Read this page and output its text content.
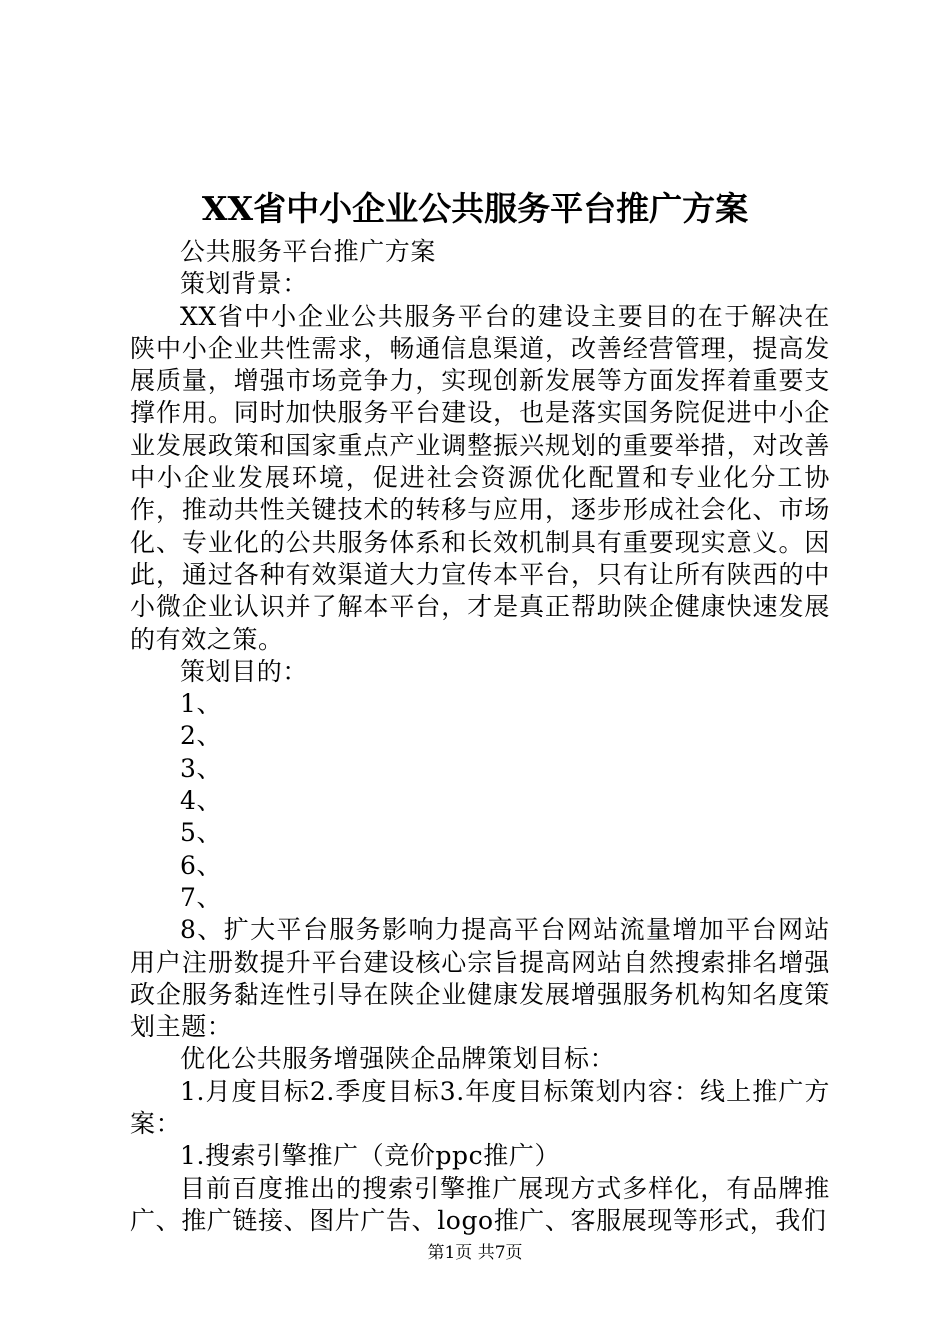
XX省中小企业公共服务平台推广方案

公共服务平台推广方案

策划背景：

XX省中小企业公共服务平台的建设主要目的在于解决在陕中小企业共性需求，畅通信息渠道，改善经营管理，提高发展质量，增强市场竞争力，实现创新发展等方面发挥着重要支撑作用。同时加快服务平台建设，也是落实国务院促进中小企业发展政策和国家重点产业调整振兴规划的重要举措，对改善中小企业发展环境，促进社会资源优化配置和专业化分工协作，推动共性关键技术的转移与应用，逐步形成社会化、市场化、专业化的公共服务体系和长效机制具有重要现实意义。因此，通过各种有效渠道大力宣传本平台，只有让所有陕西的中小微企业认识并了解本平台，才是真正帮助陕企健康快速发展的有效之策。

策划目的：

1、

2、

3、

4、

5、

6、

7、

8、扩大平台服务影响力提高平台网站流量增加平台网站用户注册数提升平台建设核心宗旨提高网站自然搜索排名增强政企服务黏连性引导在陕企业健康发展增强服务机构知名度策划主题：

优化公共服务增强陕企品牌策划目标：

1.月度目标2.季度目标3.年度目标策划内容：线上推广方案：

1.搜索引擎推广（竞价ppc推广）

目前百度推出的搜索引擎推广展现方式多样化，有品牌推广、推广链接、图片广告、logo推广、客服展现等形式，我们

第1页 共7页
